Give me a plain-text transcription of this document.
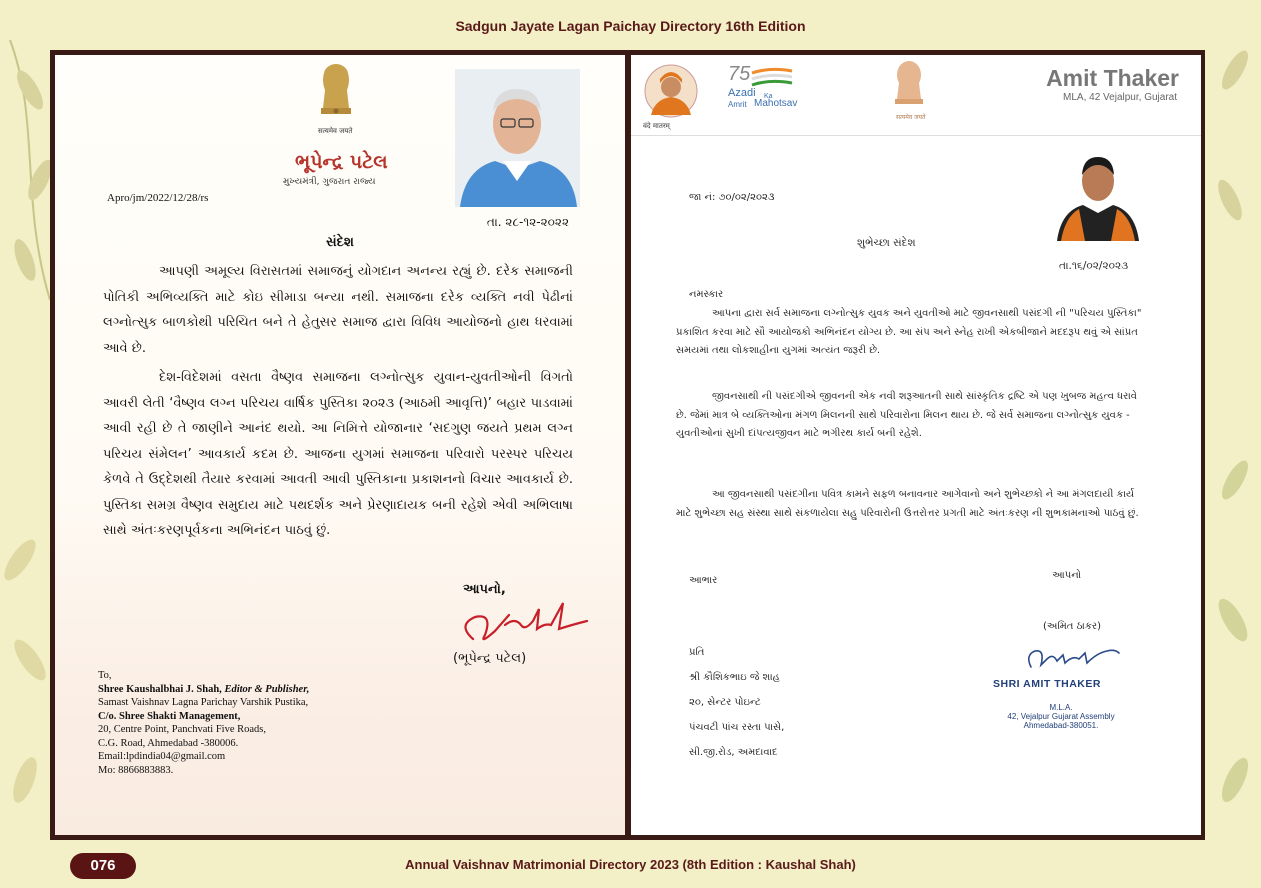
Sadgun Jayate Lagan Paichay Directory 16th Edition
सत्यमेव जयते
ભૂપેન્દ્ર પટેલ
મુખ્યમંત્રી, ગુજરાત રાજ્ય
Apro/jm/2022/12/28/rs
તા. ૨૮-૧૨-૨૦૨૨
સંદેશ
આપણી અમૂલ્ય વિરાસતમાં સમાજનું યોગદાન અનન્ય રહ્યું છે. દરેક સમાજની પોતિકી અભિવ્યક્તિ માટે કોઇ સીમાડા બન્યા નથી. સમાજના દરેક વ્યક્તિ નવી પેઢીનાં લગ્નોત્સુક બાળકોથી પરિચિત બને તે હેતુસર સમાજ દ્વારા વિવિધ આયોજનો હાથ ધરવામાં આવે છે.
દેશ-વિદેશમાં વસતા વૈષ્ણવ સમાજના લગ્નોત્સુક યુવાન-યુવતીઓની વિગતો આવરી લેતી ‘વૈષ્ણવ લગ્ન પરિચય વાર્ષિક પુસ્તિકા ૨૦૨૩ (આઠમી આવૃત્તિ)’ બહાર પાડવામાં આવી રહી છે તે જાણીને આનંદ થયો. આ નિમિત્તે યોજાનાર ‘સદગુણ જયતે પ્રથમ લગ્ન પરિચય સંમેલન’ આવકાર્ય કદમ છે. આજના યુગમાં સમાજના પરિવારો પરસ્પર પરિચય કેળવે તે ઉદ્દેશથી તૈયાર કરવામાં આવતી આવી પુસ્તિકાના પ્રકાશનનો વિચાર આવકાર્ય છે. પુસ્તિકા સમગ્ર વૈષ્ણવ સમુદાય માટે પથદર્શક અને પ્રેરણાદાયક બની રહેશે એવી અભિલાષા સાથે અંતઃકરણપૂર્વકના અભિનંદન પાઠવું છું.
આપનો,
(ભૂપેન્દ્ર પટેલ)
To,
Shree Kaushalbhai J. Shah, Editor & Publisher,
Samast Vaishnav Lagna Parichay Varshik Pustika,
C/o. Shree Shakti Management,
20, Centre Point, Panchvati Five Roads,
C.G. Road, Ahmedabad -380006.
Email:lpdindia04@gmail.com
Mo: 8866883883.
वंदे मातरम्
75
Azadi Ka
Amrit Mahotsav
सत्यमेव जयते
Amit Thaker
MLA, 42 Vejalpur, Gujarat
જા નં: ૭૦/૦૨/૨૦૨૩
શુભેચ્છા સંદેશ
તા.૧૬/૦૨/૨૦૨૩
નમસ્કાર
આપના દ્વારા સર્વ સમાજના લગ્નોત્સુક યુવક અને યુવતીઓ માટે જીવનસાથી પસંદગી ની "પરિચય પુસ્તિકા" પ્રકાશિત કરવા માટે સૌ આયોજકો અભિનંદન યોગ્ય છે. આ સંપ અને સ્નેહ રાખી એકબીજાને મદદરૂપ થવું એ સાંપ્રત સમયમાં તથા લોકશાહીના યુગમાં અત્યંત જરૂરી છે.
જીવનસાથી ની પસંદગીએ જીવનની એક નવી શરૂઆતની સાથે સાંસ્કૃતિક દ્રષ્ટિ એ પણ ખુબજ મહત્વ ધરાવે છે. જેમાં માત્ર બે વ્યક્તિઓના મંગળ મિલનની સાથે પરિવારોના મિલન થાય છે. જે સર્વ સમાજના લગ્નોત્સુક યુવક - યુવતીઓનાં સુખી દાંપત્યજીવન માટે ભગીરથ કાર્ય બની રહેશે.
આ જીવનસાથી પસંદગીના પવિત્ર કામને સફળ બનાવનાર આગેવાનો અને શુભેચ્છકો ને આ મંગલદાયી કાર્ય માટે શુભેચ્છા સહ સંસ્થા સાથે સંકળાયેલા સહુ પરિવારોની ઉત્તરોત્તર પ્રગતી માટે અંતઃકરણ ની શુભકામનાઓ પાઠવું છું.
આભાર	આપનો
(અમિત ઠાકર)
પ્રતિ
શ્રી કૌશિકભાઇ જે શાહ
૨૦, સેન્ટર પોઇન્ટ
પંચવટી પાંચ રસ્તા પાસે,
સી.જી.રોડ, અમદાવાદ
SHRI AMIT THAKER
M.L.A.
42, Vejalpur Gujarat Assembly
Ahmedabad-380051.
076	Annual Vaishnav Matrimonial Directory 2023 (8th Edition : Kaushal Shah)
